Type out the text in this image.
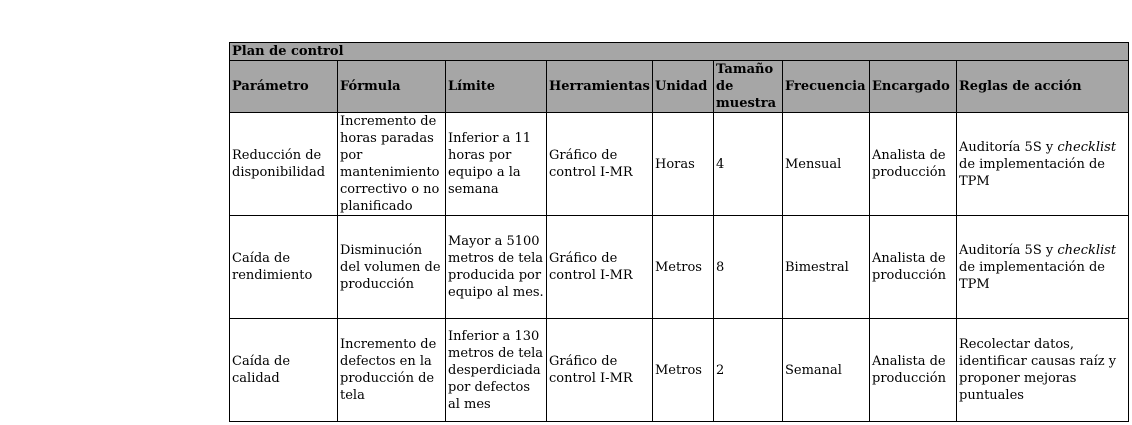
Plan de control								
Parámetro	Fórmula	Límite	Herramientas	Unidad	Tamaño de muestra	Frecuencia	Encargado	Reglas de acción
Reducción de disponibilidad	Incremento de horas paradas por mantenimiento correctivo o no planificado	Inferior a 11 horas por equipo a la semana	Gráfico de control I-MR	Horas	4	Mensual	Analista de producción	Auditoría 5S y checklist de implementación de TPM
Caída de rendimiento	Disminución del volumen de producción	Mayor a 5100 metros de tela producida por equipo al mes.	Gráfico de control I-MR	Metros	8	Bimestral	Analista de producción	Auditoría 5S y checklist de implementación de TPM
Caída de calidad	Incremento de defectos en la producción de tela	Inferior a 130 metros de tela desperdiciada por defectos al mes	Gráfico de control I-MR	Metros	2	Semanal	Analista de producción	Recolectar datos, identificar causas raíz y proponer mejoras puntuales
